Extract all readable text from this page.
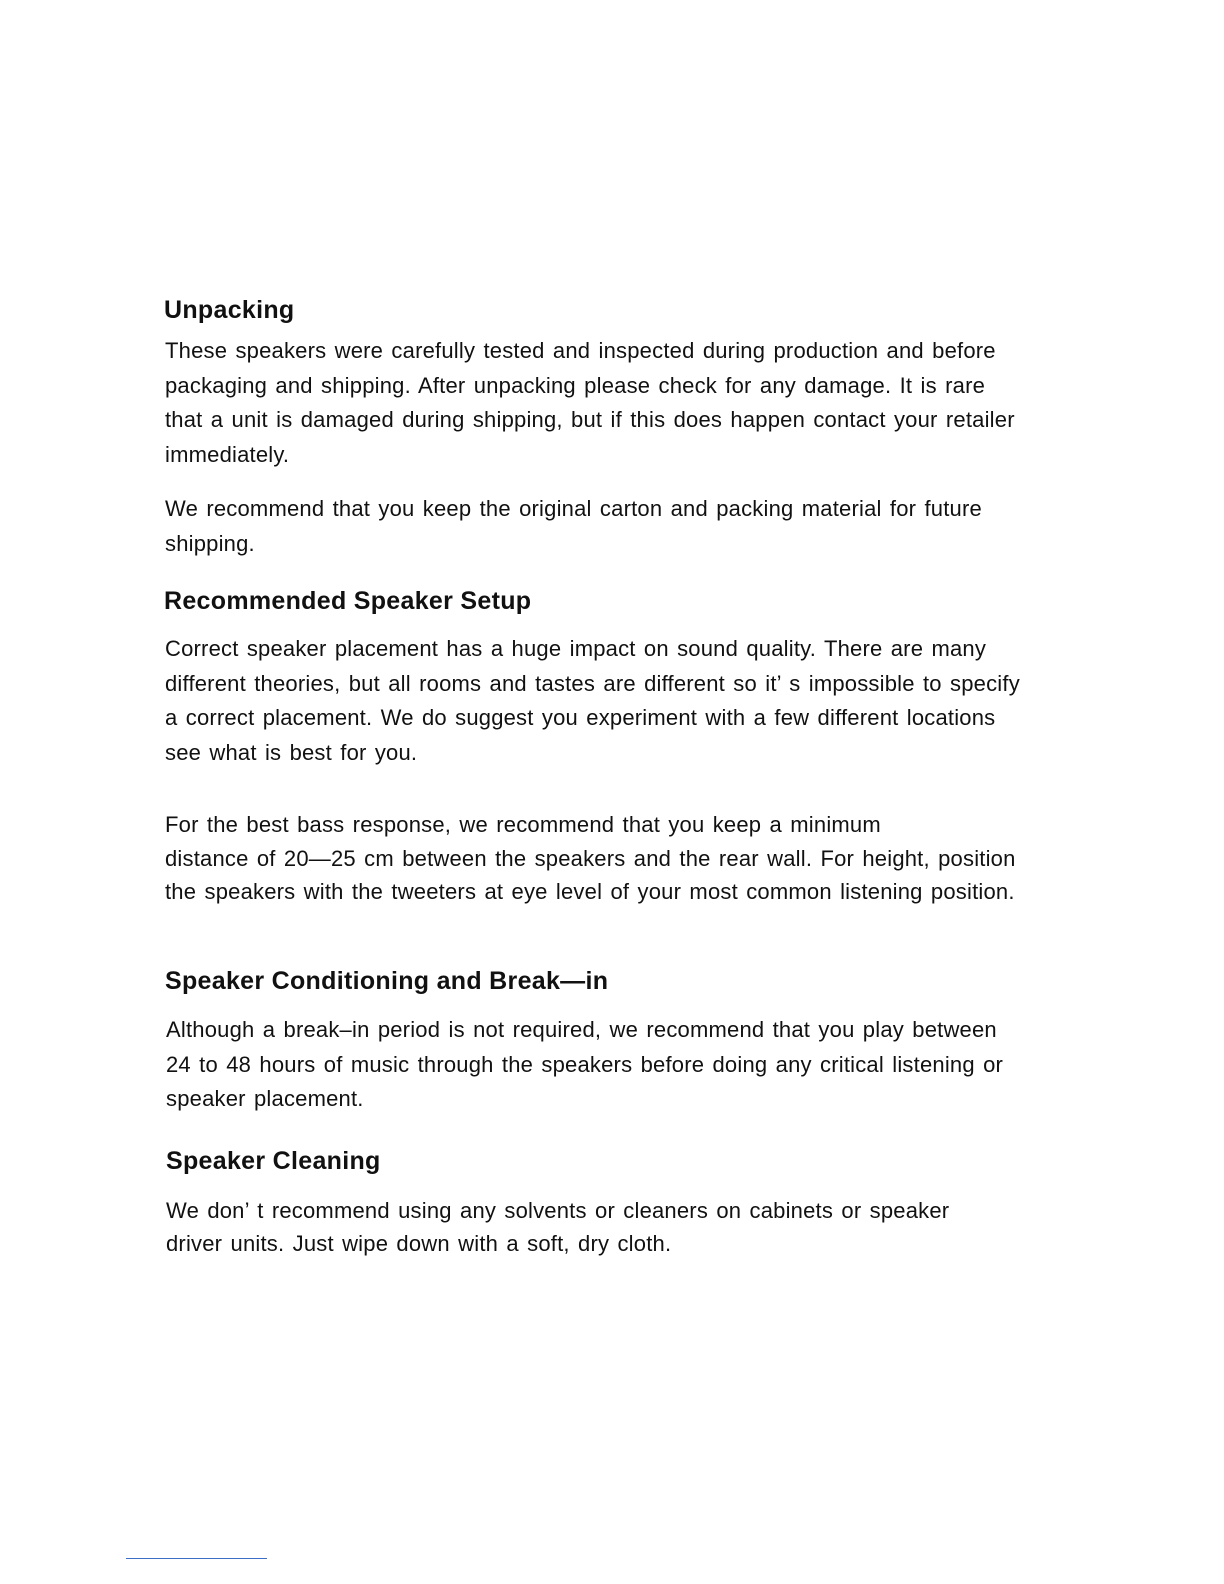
Unpacking

These speakers were carefully tested and inspected during production and before
packaging and shipping. After unpacking please check for any damage. It is rare
that a unit is damaged during shipping, but if this does happen contact your retailer
immediately.

We recommend that you keep the original carton and packing material for future
shipping.

Recommended Speaker Setup

Correct speaker placement has a huge impact on sound quality. There are many
different theories, but all rooms and tastes are different so it’ s impossible to specify
a correct placement. We do suggest you experiment with a few different locations
see what is best for you.

For the best bass response, we recommend that you keep a minimum
distance of 20—25 cm between the speakers and the rear wall. For height, position
the speakers with the tweeters at eye level of your most common listening position.

Speaker Conditioning and Break—in

Although a break–in period is not required, we recommend that you play between
24 to 48 hours of music through the speakers before doing any critical listening or
speaker placement.

Speaker Cleaning

We don’ t recommend using any solvents or cleaners on cabinets or speaker
driver units. Just wipe down with a soft, dry cloth.
